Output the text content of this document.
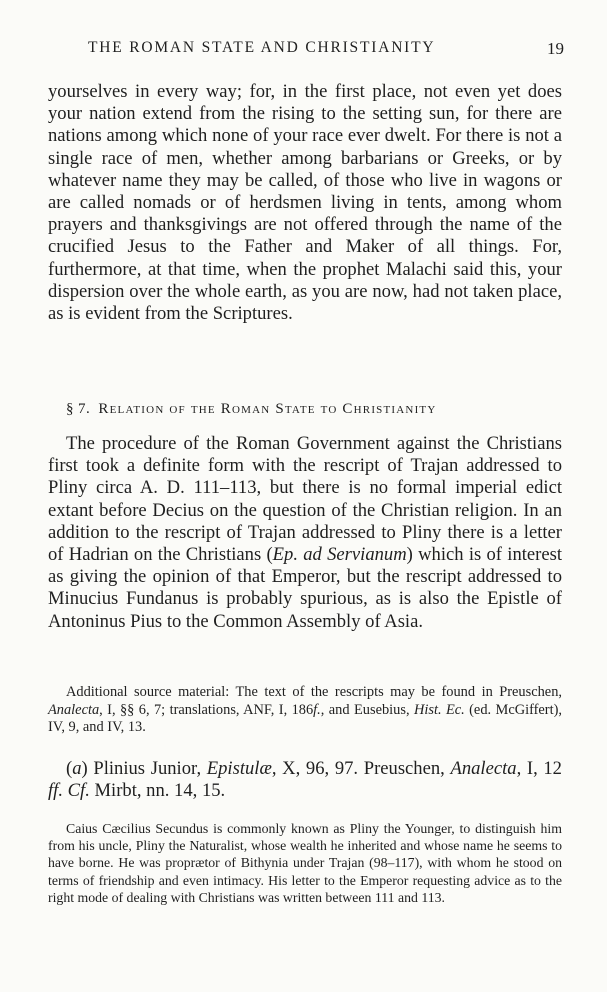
THE ROMAN STATE AND CHRISTIANITY	19

yourselves in every way; for, in the first place, not even yet does your nation extend from the rising to the setting sun, for there are nations among which none of your race ever dwelt. For there is not a single race of men, whether among barbarians or Greeks, or by whatever name they may be called, of those who live in wagons or are called nomads or of herdsmen living in tents, among whom prayers and thanksgivings are not offered through the name of the crucified Jesus to the Father and Maker of all things. For, furthermore, at that time, when the prophet Malachi said this, your dispersion over the whole earth, as you are now, had not taken place, as is evident from the Scriptures.

§ 7. Relation of the Roman State to Christianity

The procedure of the Roman Government against the Christians first took a definite form with the rescript of Trajan addressed to Pliny circa A. D. 111–113, but there is no formal imperial edict extant before Decius on the question of the Christian religion. In an addition to the rescript of Trajan addressed to Pliny there is a letter of Hadrian on the Christians (Ep. ad Servianum) which is of interest as giving the opinion of that Emperor, but the rescript addressed to Minucius Fundanus is probably spurious, as is also the Epistle of Antoninus Pius to the Common Assembly of Asia.

Additional source material: The text of the rescripts may be found in Preuschen, Analecta, I, §§ 6, 7; translations, ANF, I, 186f., and Eusebius, Hist. Ec. (ed. McGiffert), IV, 9, and IV, 13.

(a) Plinius Junior, Epistulæ, X, 96, 97. Preuschen, Analecta, I, 12 ff. Cf. Mirbt, nn. 14, 15.

Caius Cæcilius Secundus is commonly known as Pliny the Younger, to distinguish him from his uncle, Pliny the Naturalist, whose wealth he inherited and whose name he seems to have borne. He was proprætor of Bithynia under Trajan (98–117), with whom he stood on terms of friendship and even intimacy. His letter to the Emperor requesting advice as to the right mode of dealing with Christians was written between 111 and 113.
